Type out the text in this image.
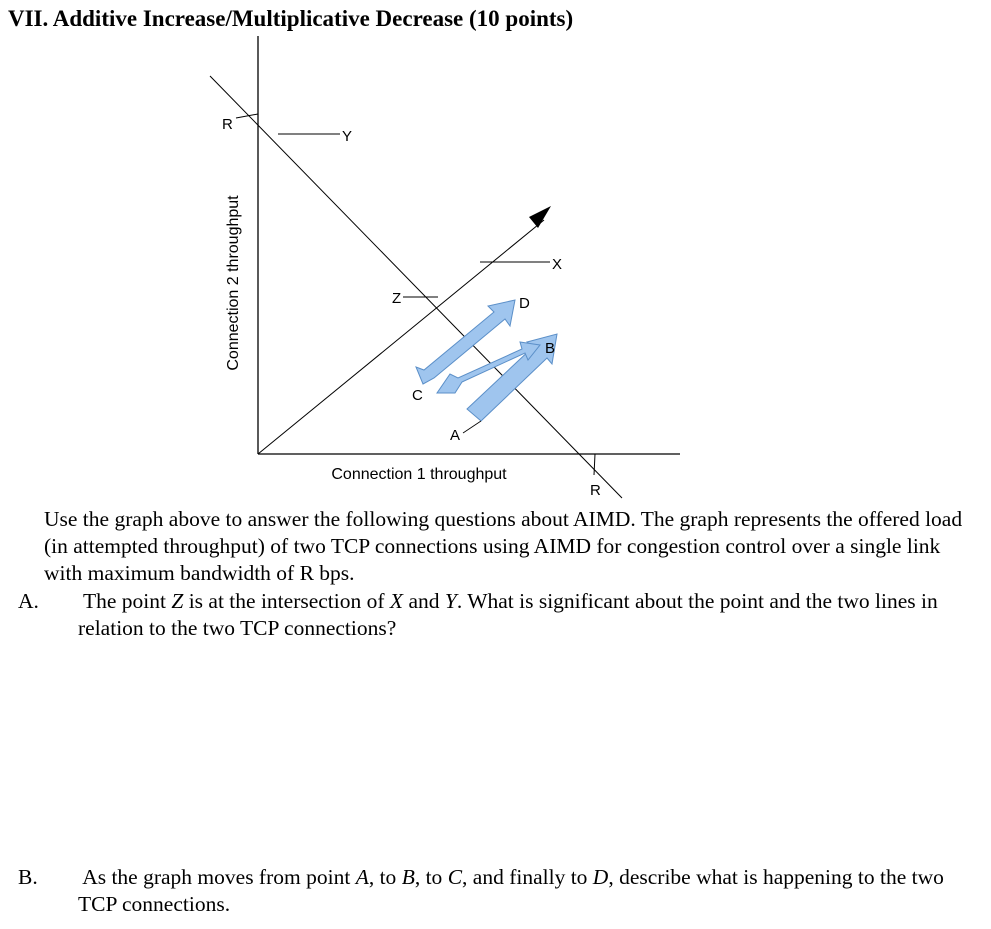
VII. Additive Increase/Multiplicative Decrease (10 points)
R
R
Y
X
Z
A
B
C
D
Connection 2 throughput
Connection 1 throughput
Use the graph above to answer the following questions about AIMD. The graph represents the offered load (in attempted throughput) of two TCP connections using AIMD for congestion control over a single link with maximum bandwidth of R bps.
A. The point Z is at the intersection of X and Y. What is significant about the point and the two lines in relation to the two TCP connections?
B. As the graph moves from point A, to B, to C, and finally to D, describe what is happening to the two TCP connections.
